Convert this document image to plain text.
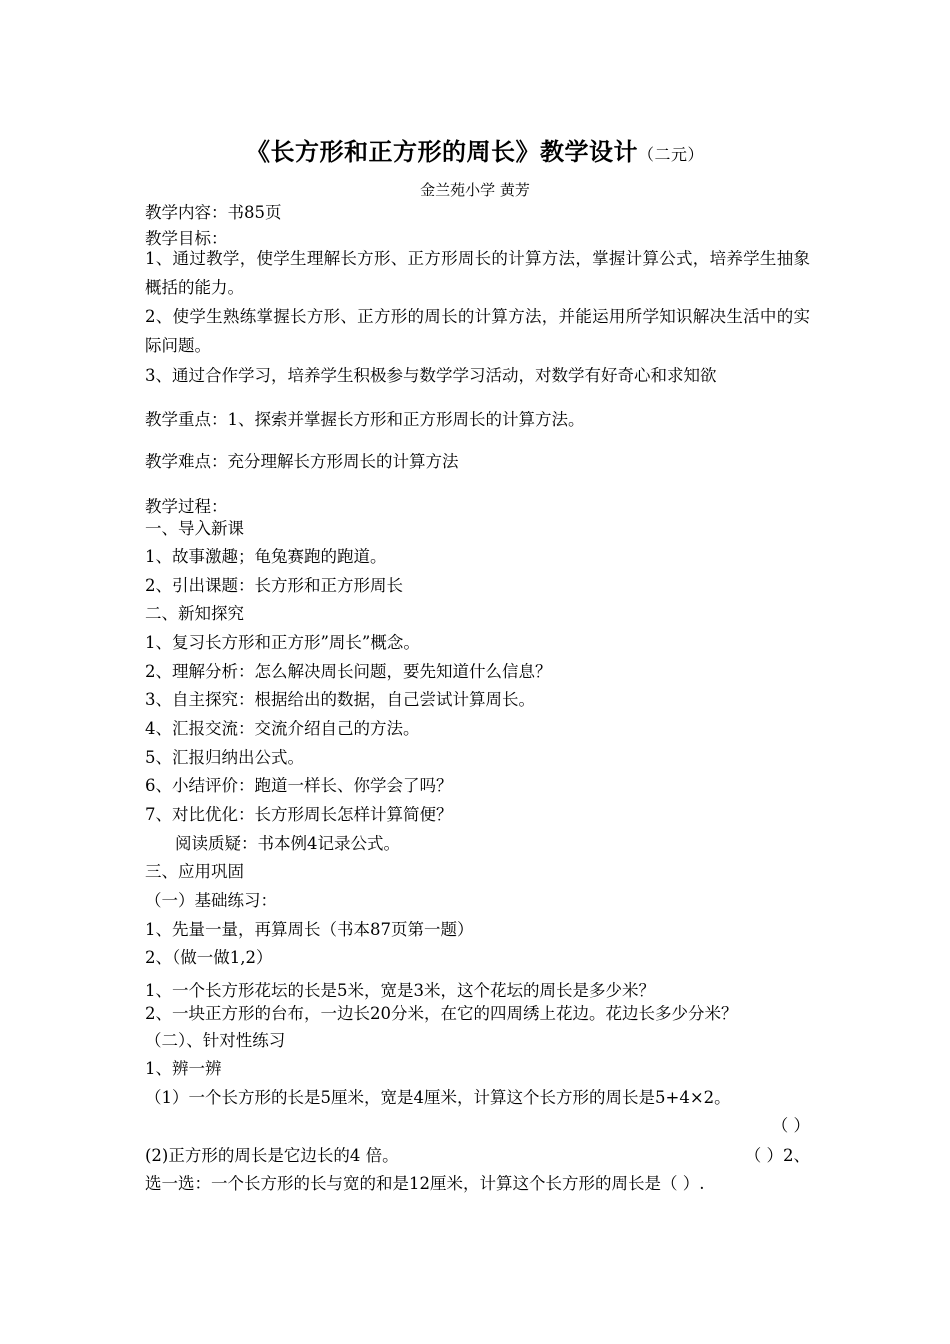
《长方形和正方形的周长》教学设计（二元）
金兰苑小学 黄芳
教学内容：书85页
教学目标：
1、通过教学，使学生理解长方形、正方形周长的计算方法，掌握计算公式，培养学生抽象概括的能力。
2、使学生熟练掌握长方形、正方形的周长的计算方法，并能运用所学知识解决生活中的实际问题。
3、通过合作学习，培养学生积极参与数学学习活动，对数学有好奇心和求知欲
教学重点：1、探索并掌握长方形和正方形周长的计算方法。
教学难点：充分理解长方形周长的计算方法
教学过程：
一、导入新课
1、故事激趣；龟兔赛跑的跑道。
2、引出课题：长方形和正方形周长
二、新知探究
1、复习长方形和正方形”周长”概念。
2、理解分析：怎么解决周长问题，要先知道什么信息？
3、自主探究：根据给出的数据，自己尝试计算周长。
4、汇报交流：交流介绍自己的方法。
5、汇报归纳出公式。
6、小结评价：跑道一样长、你学会了吗？
7、对比优化：长方形周长怎样计算简便？
阅读质疑：书本例4记录公式。
三、应用巩固
（一）基础练习：
1、先量一量，再算周长（书本87页第一题）
2、（做一做1,2）
1、一个长方形花坛的长是5米，宽是3米，这个花坛的周长是多少米？
2、一块正方形的台布，一边长20分米，在它的四周绣上花边。花边长多少分米？
（二）、针对性练习
1、辨一辨
（1）一个长方形的长是5厘米，宽是4厘米，计算这个长方形的周长是5+4×2。
（ ）
(2)正方形的周长是它边长的4 倍。	（ ）2、
选一选：一个长方形的长与宽的和是12厘米，计算这个长方形的周长是（ ）.
